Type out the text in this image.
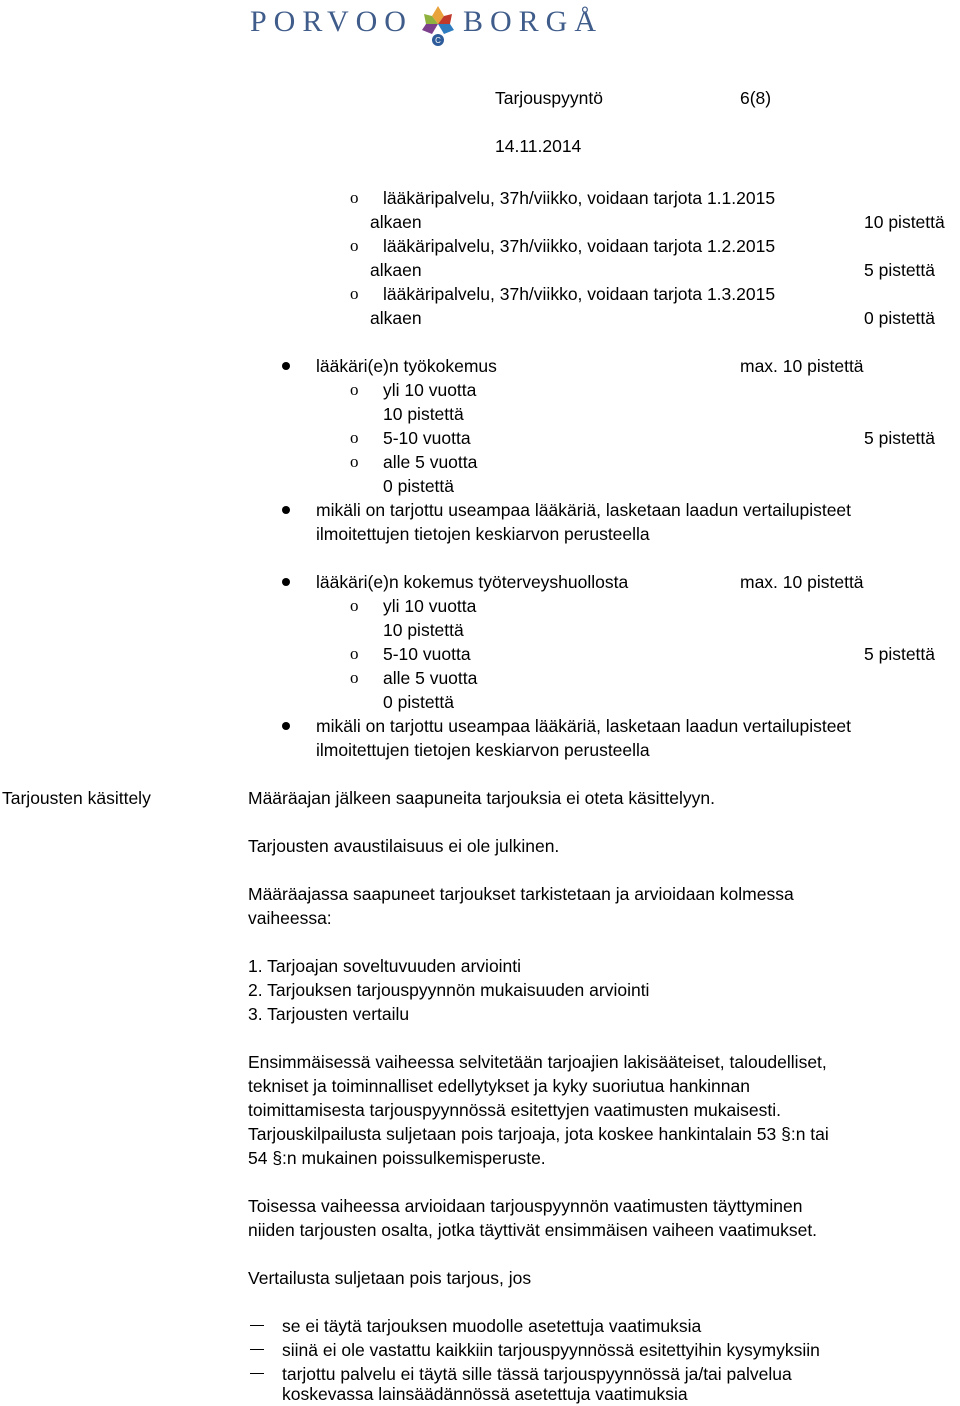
PORVOO
C
BORGÅ
Tarjouspyyntö	6(8)
14.11.2014
o lääkäripalvelu, 37h/viikko, voidaan tarjota 1.1.2015
alkaen	10 pistettä
o lääkäripalvelu, 37h/viikko, voidaan tarjota 1.2.2015
alkaen	5 pistettä
o lääkäripalvelu, 37h/viikko, voidaan tarjota 1.3.2015
alkaen	0 pistettä
lääkäri(e)n työkokemus	max. 10 pistettä
o yli 10 vuotta
10 pistettä
o 5-10 vuotta	5 pistettä
o alle 5 vuotta
0 pistettä
mikäli on tarjottu useampaa lääkäriä, lasketaan laadun vertailupisteet
ilmoitettujen tietojen keskiarvon perusteella
lääkäri(e)n kokemus työterveyshuollosta	max. 10 pistettä
o yli 10 vuotta
10 pistettä
o 5-10 vuotta	5 pistettä
o alle 5 vuotta
0 pistettä
mikäli on tarjottu useampaa lääkäriä, lasketaan laadun vertailupisteet
ilmoitettujen tietojen keskiarvon perusteella
Tarjousten käsittely	Määräajan jälkeen saapuneita tarjouksia ei oteta käsittelyyn.
Tarjousten avaustilaisuus ei ole julkinen.
Määräajassa saapuneet tarjoukset tarkistetaan ja arvioidaan kolmessa
vaiheessa:
1. Tarjoajan soveltuvuuden arviointi
2. Tarjouksen tarjouspyynnön mukaisuuden arviointi
3. Tarjousten vertailu
Ensimmäisessä vaiheessa selvitetään tarjoajien lakisääteiset, taloudelliset,
tekniset ja toiminnalliset edellytykset ja kyky suoriutua hankinnan
toimittamisesta tarjouspyynnössä esitettyjen vaatimusten mukaisesti.
Tarjouskilpailusta suljetaan pois tarjoaja, jota koskee hankintalain 53 §:n tai
54 §:n mukainen poissulkemisperuste.
Toisessa vaiheessa arvioidaan tarjouspyynnön vaatimusten täyttyminen
niiden tarjousten osalta, jotka täyttivät ensimmäisen vaiheen vaatimukset.
Vertailusta suljetaan pois tarjous, jos
se ei täytä tarjouksen muodolle asetettuja vaatimuksia
siinä ei ole vastattu kaikkiin tarjouspyynnössä esitettyihin kysymyksiin
tarjottu palvelu ei täytä sille tässä tarjouspyynnössä ja/tai palvelua
koskevassa lainsäädännössä asetettuja vaatimuksia
